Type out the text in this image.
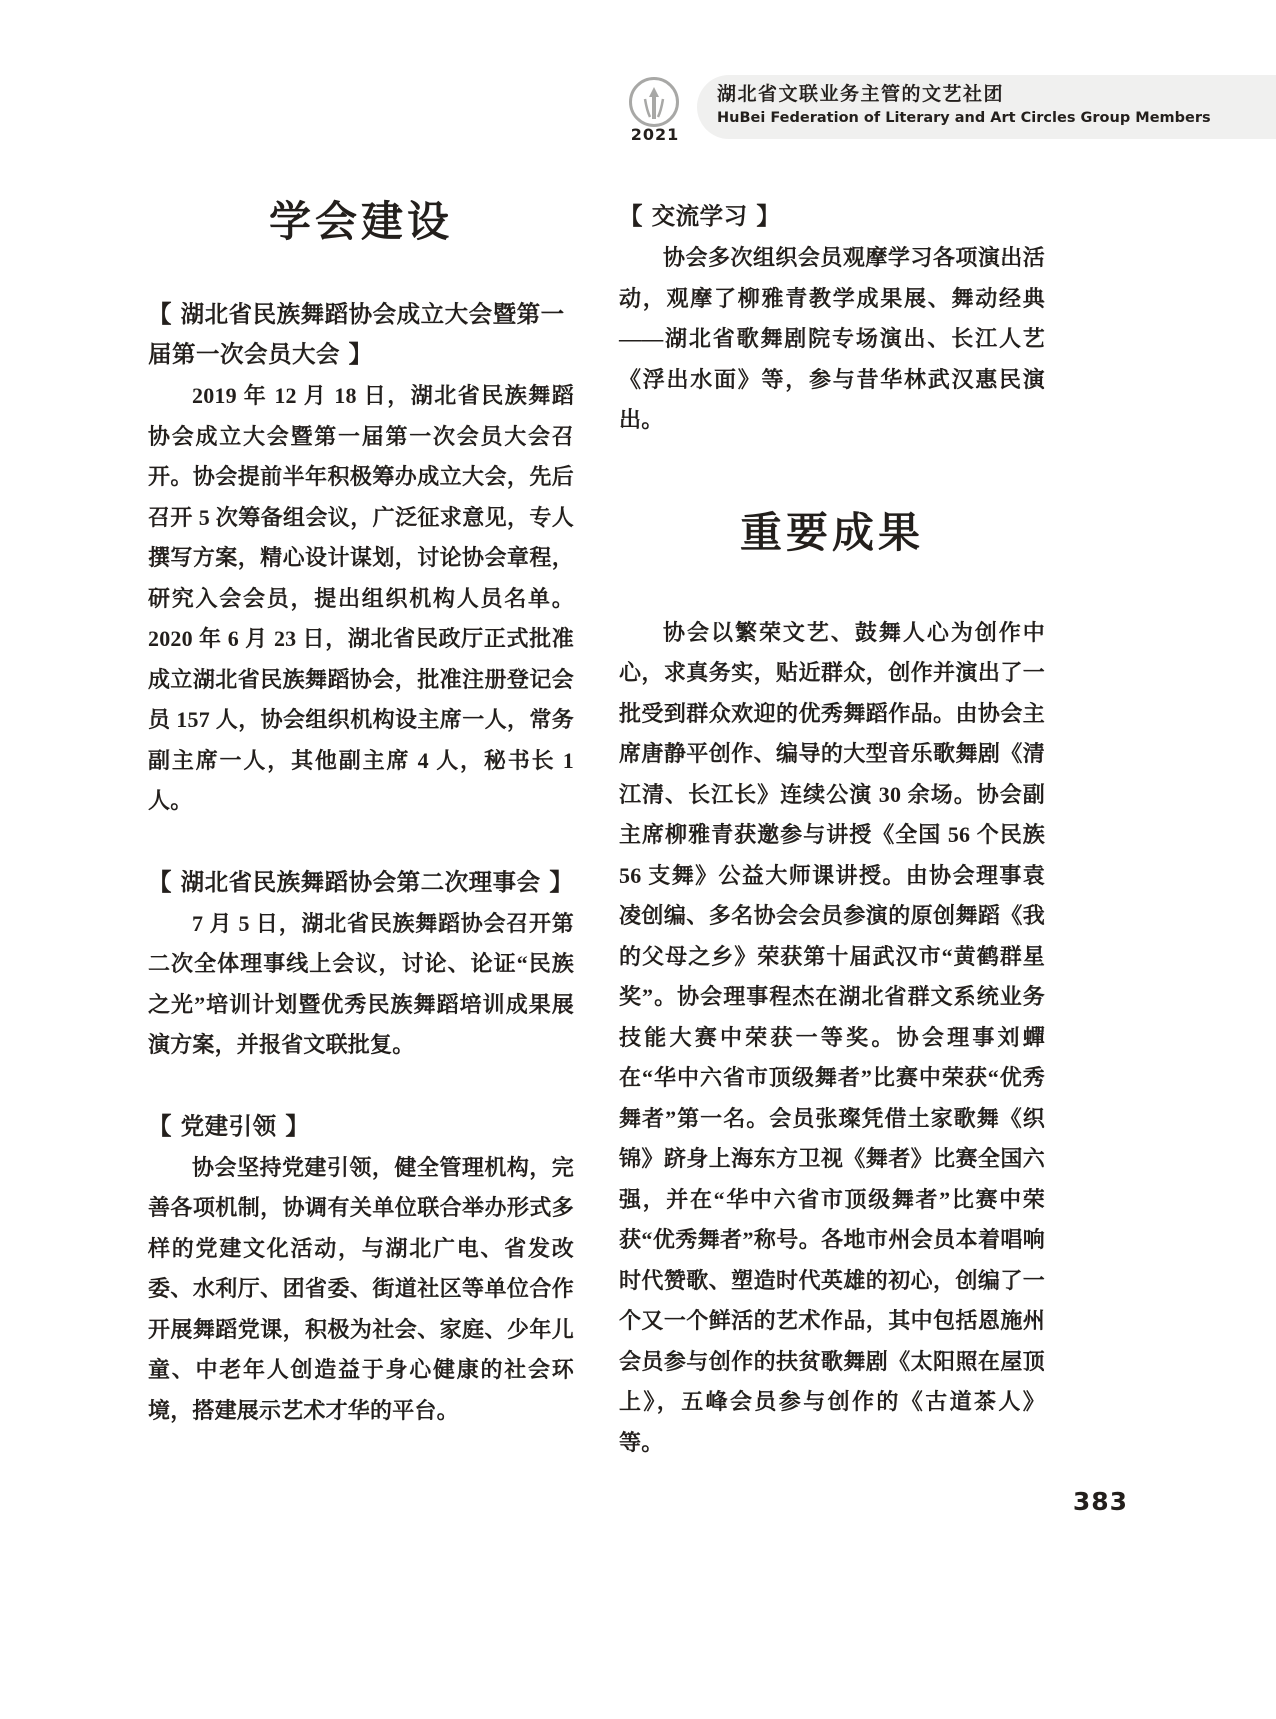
2021
湖北省文联业务主管的文艺社团
HuBei Federation of Literary and Art Circles Group Members
学会建设
【 湖北省民族舞蹈协会成立大会暨第一届第一次会员大会 】

2019 年 12 月 18 日，湖北省民族舞蹈协会成立大会暨第一届第一次会员大会召开。协会提前半年积极筹办成立大会，先后召开 5 次筹备组会议，广泛征求意见，专人撰写方案，精心设计谋划，讨论协会章程，研究入会会员，提出组织机构人员名单。2020 年 6 月 23 日，湖北省民政厅正式批准成立湖北省民族舞蹈协会，批准注册登记会员 157 人，协会组织机构设主席一人，常务副主席一人，其他副主席 4 人，秘书长 1 人。

【 湖北省民族舞蹈协会第二次理事会 】

7 月 5 日，湖北省民族舞蹈协会召开第二次全体理事线上会议，讨论、论证“民族之光”培训计划暨优秀民族舞蹈培训成果展演方案，并报省文联批复。

【 党建引领 】

协会坚持党建引领，健全管理机构，完善各项机制，协调有关单位联合举办形式多样的党建文化活动，与湖北广电、省发改委、水利厅、团省委、街道社区等单位合作开展舞蹈党课，积极为社会、家庭、少年儿童、中老年人创造益于身心健康的社会环境，搭建展示艺术才华的平台。

【 交流学习 】

协会多次组织会员观摩学习各项演出活动，观摩了柳雅青教学成果展、舞动经典——湖北省歌舞剧院专场演出、长江人艺《浮出水面》等，参与昔华林武汉惠民演出。

重要成果

协会以繁荣文艺、鼓舞人心为创作中心，求真务实，贴近群众，创作并演出了一批受到群众欢迎的优秀舞蹈作品。由协会主席唐静平创作、编导的大型音乐歌舞剧《清江清、长江长》连续公演 30 余场。协会副主席柳雅青获邀参与讲授《全国 56 个民族 56 支舞》公益大师课讲授。由协会理事袁凌创编、多名协会会员参演的原创舞蹈《我的父母之乡》荣获第十届武汉市“黄鹤群星奖”。协会理事程杰在湖北省群文系统业务技能大赛中荣获一等奖。协会理事刘蟬在“华中六省市顶级舞者”比赛中荣获“优秀舞者”第一名。会员张璨凭借土家歌舞《织锦》跻身上海东方卫视《舞者》比赛全国六强，并在“华中六省市顶级舞者”比赛中荣获“优秀舞者”称号。各地市州会员本着唱响时代赞歌、塑造时代英雄的初心，创编了一个又一个鲜活的艺术作品，其中包括恩施州会员参与创作的扶贫歌舞剧《太阳照在屋顶上》，五峰会员参与创作的《古道茶人》等。

383
